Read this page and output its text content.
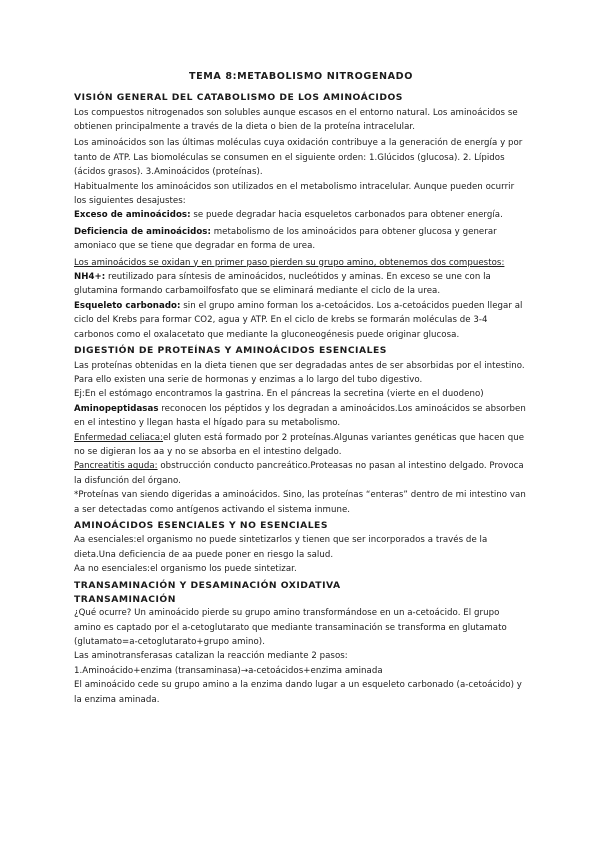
TEMA 8:METABOLISMO NITROGENADO
VISIÓN GENERAL DEL CATABOLISMO DE LOS AMINOÁCIDOS

Los compuestos nitrogenados son solubles aunque escasos en el entorno natural. Los aminoácidos se obtienen principalmente a través de la dieta o bien de la proteína intracelular.

Los aminoácidos son las últimas moléculas cuya oxidación contribuye a la generación de energía y por tanto de ATP. Las biomoléculas se consumen en el siguiente orden: 1.Glúcidos (glucosa). 2. Lípidos (ácidos grasos). 3.Aminoácidos (proteínas).

Habitualmente los aminoácidos son utilizados en el metabolismo intracelular. Aunque pueden ocurrir los siguientes desajustes:

Exceso de aminoácidos: se puede degradar hacia esqueletos carbonados para obtener energía.

Deficiencia de aminoácidos: metabolismo de los aminoácidos para obtener glucosa y generar amoniaco que se tiene que degradar en forma de urea.

Los aminoácidos se oxidan y en primer paso pierden su grupo amino, obtenemos dos compuestos:

NH4+: reutilizado para síntesis de aminoácidos, nucleótidos y aminas. En exceso se une con la glutamina formando carbamoilfosfato que se eliminará mediante el ciclo de la urea.

Esqueleto carbonado: sin el grupo amino forman los a-cetoácidos. Los a-cetoácidos pueden llegar al ciclo del Krebs para formar CO2, agua y ATP. En el ciclo de krebs se formarán moléculas de 3-4 carbonos como el oxalacetato que mediante la gluconeogénesis puede originar glucosa.

DIGESTIÓN DE PROTEÍNAS Y AMINOÁCIDOS ESENCIALES

Las proteínas obtenidas en la dieta tienen que ser degradadas antes de ser absorbidas por el intestino. Para ello existen una serie de hormonas y enzimas a lo largo del tubo digestivo.

Ej:En el estómago encontramos la gastrina. En el páncreas la secretina (vierte en el duodeno)

Aminopeptidasas reconocen los péptidos y los degradan a aminoácidos.Los aminoácidos se absorben en el intestino y llegan hasta el hígado para su metabolismo.

Enfermedad celiaca:el gluten está formado por 2 proteínas.Algunas variantes genéticas que hacen que no se digieran los aa y no se absorba en el intestino delgado.

Pancreatitis aguda: obstrucción conducto pancreático.Proteasas no pasan al intestino delgado. Provoca la disfunción del órgano.

*Proteínas van siendo digeridas a aminoácidos. Sino, las proteínas “enteras” dentro de mi intestino van a ser detectadas como antígenos activando el sistema inmune.

AMINOÁCIDOS ESENCIALES Y NO ESENCIALES

Aa esenciales:el organismo no puede sintetizarlos y tienen que ser incorporados a través de la dieta.Una deficiencia de aa puede poner en riesgo la salud.

Aa no esenciales:el organismo los puede sintetizar.

TRANSAMINACIÓN Y DESAMINACIÓN OXIDATIVA
TRANSAMINACIÓN

¿Qué ocurre? Un aminoácido pierde su grupo amino transformándose en un a-cetoácido. El grupo amino es captado por el a-cetoglutarato que mediante transaminación se transforma en glutamato (glutamato=a-cetoglutarato+grupo amino).

Las aminotransferasas catalizan la reacción mediante 2 pasos:

1.Aminoácido+enzima (transaminasa)→a-cetoácidos+enzima aminada

El aminoácido cede su grupo amino a la enzima dando lugar a un esqueleto carbonado (a-cetoácido) y la enzima aminada.
